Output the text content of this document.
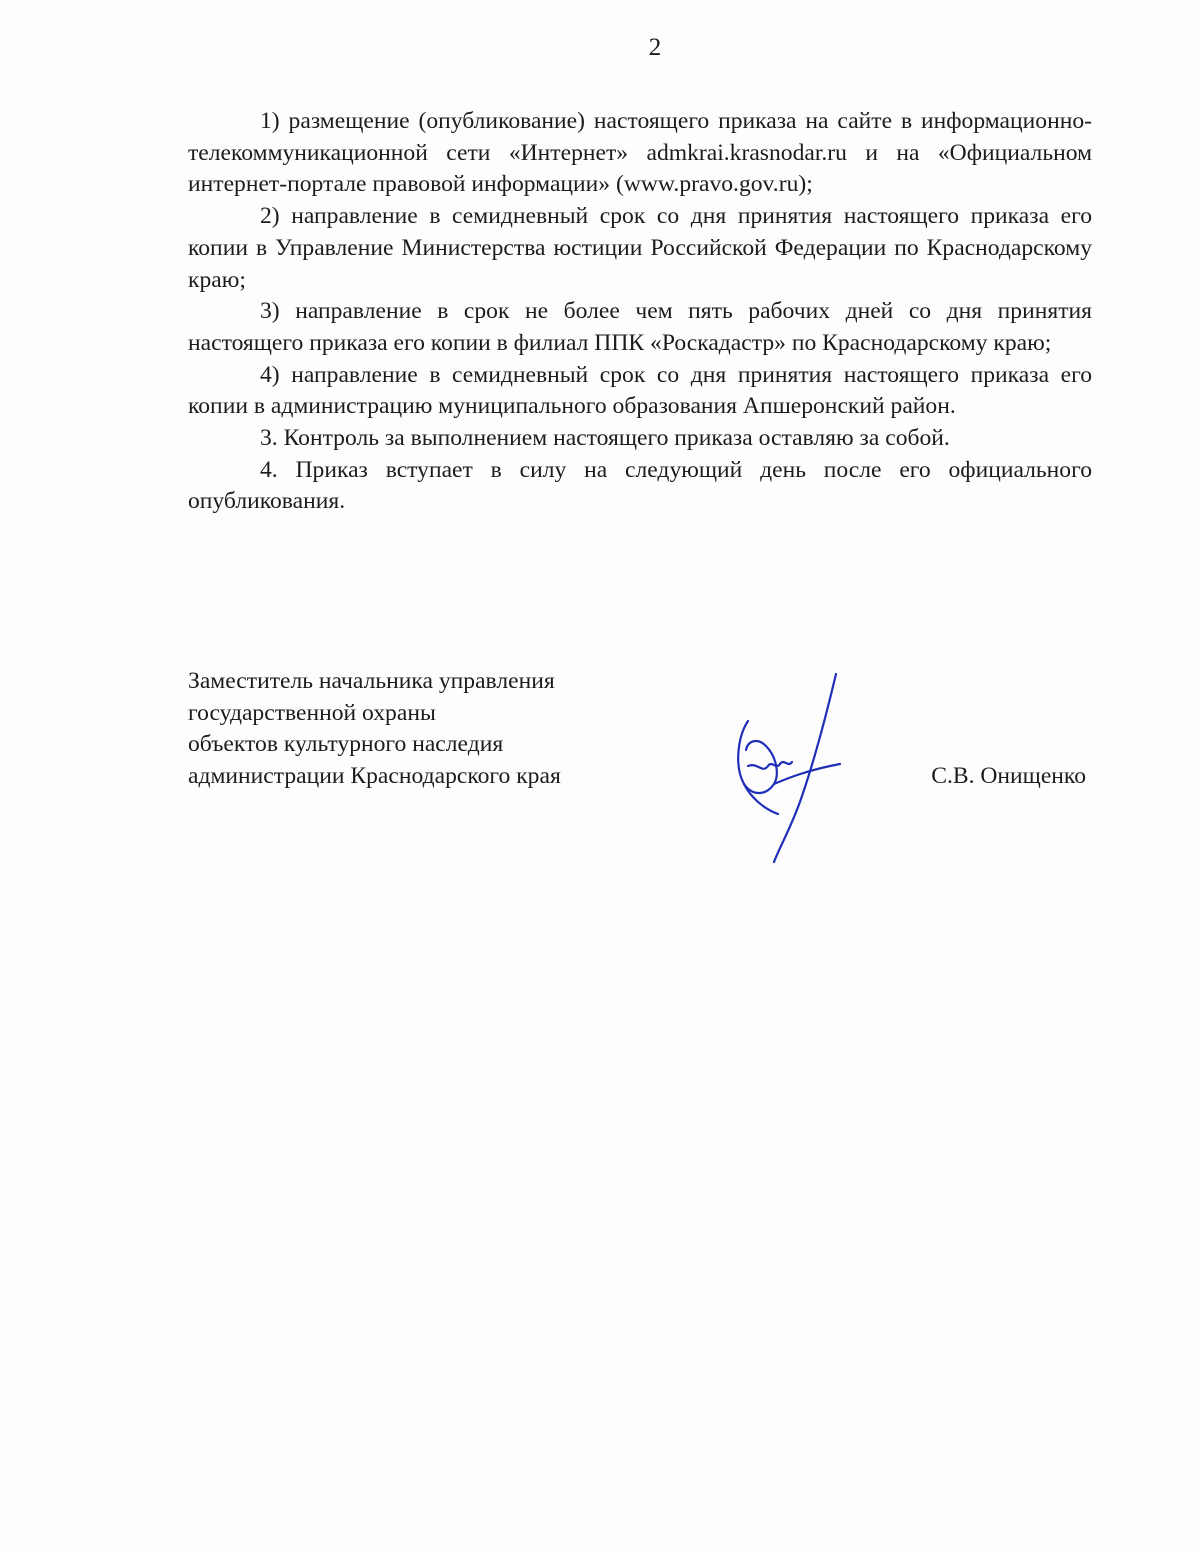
2

1) размещение (опубликование) настоящего приказа на сайте в информационно-телекоммуникационной сети «Интернет» admkrai.krasnodar.ru и на «Официальном интернет-портале правовой информации» (www.pravo.gov.ru);

2) направление в семидневный срок со дня принятия настоящего приказа его копии в Управление Министерства юстиции Российской Федерации по Краснодарскому краю;

3) направление в срок не более чем пять рабочих дней со дня принятия настоящего приказа его копии в филиал ППК «Роскадастр» по Краснодарскому краю;

4) направление в семидневный срок со дня принятия настоящего приказа его копии в администрацию муниципального образования Апшеронский район.

3. Контроль за выполнением настоящего приказа оставляю за собой.

4. Приказ вступает в силу на следующий день после его официального опубликования.

Заместитель начальника управления
государственной охраны
объектов культурного наследия
администрации Краснодарского края	С.В. Онищенко
